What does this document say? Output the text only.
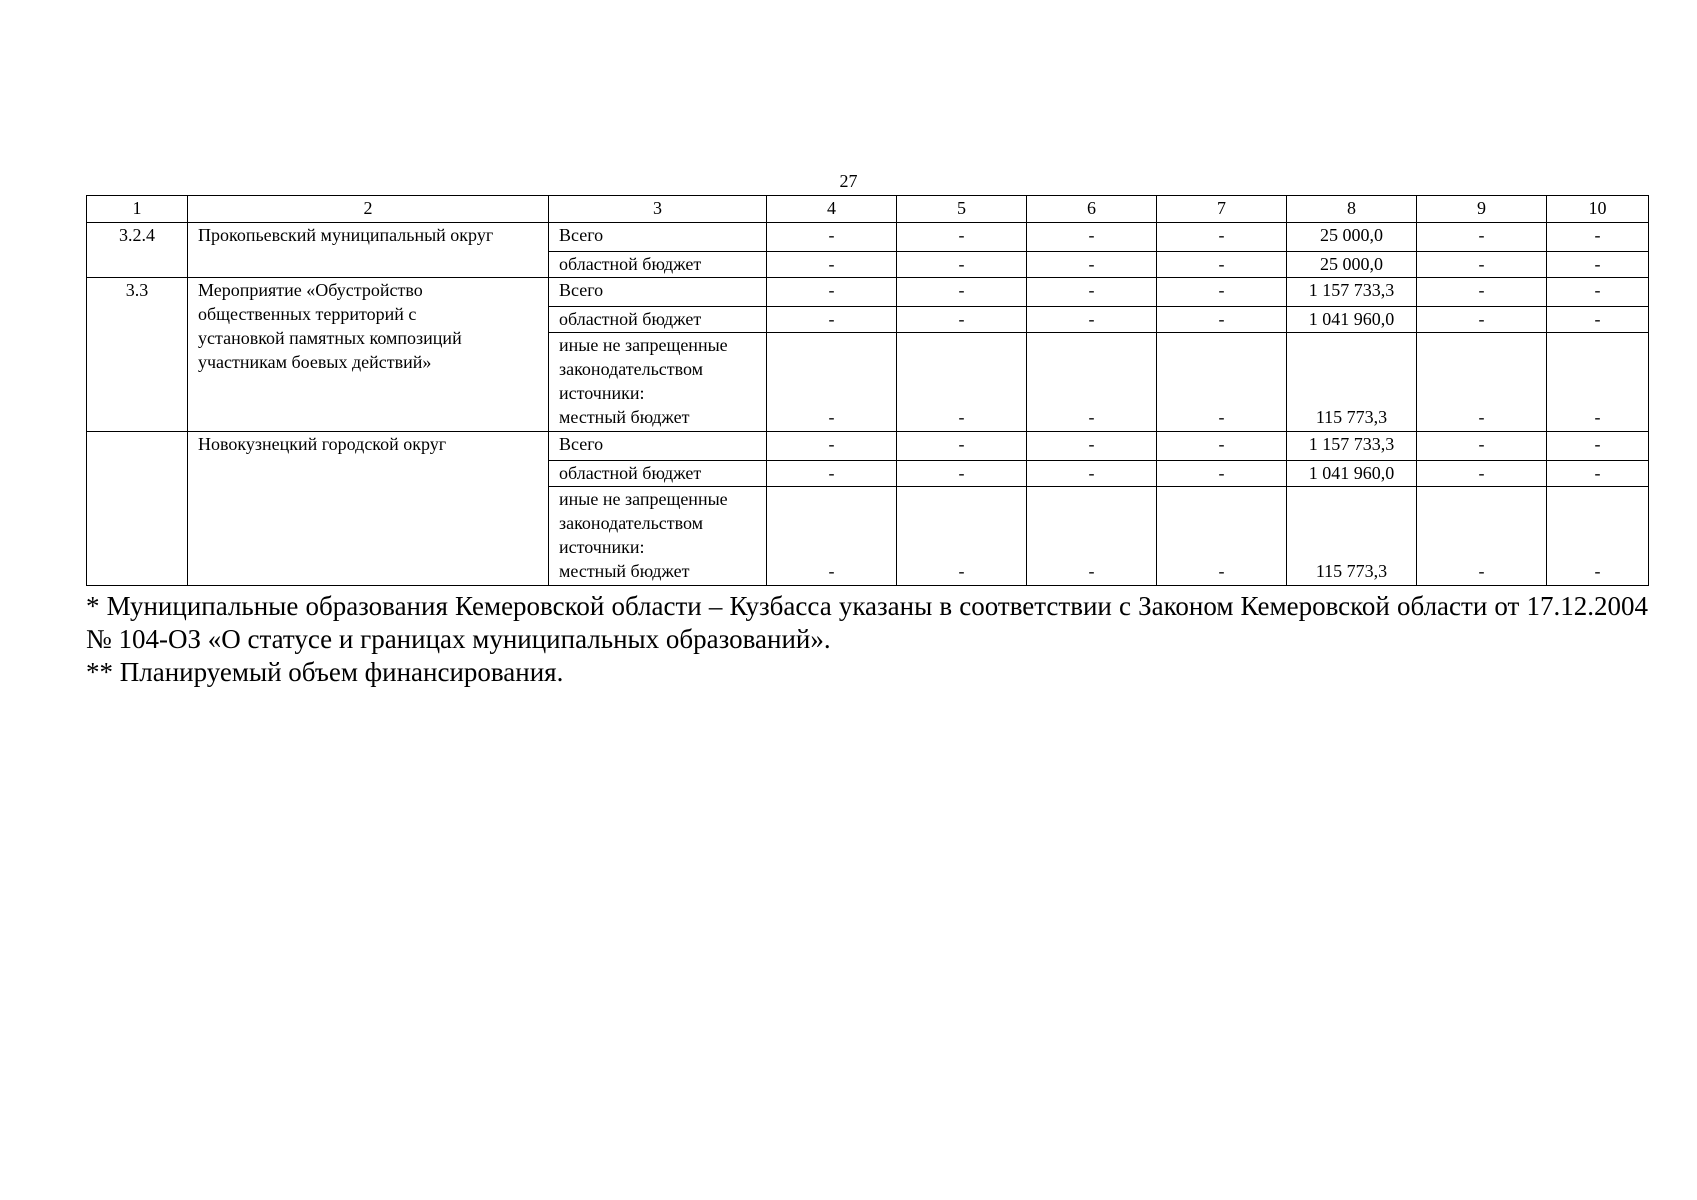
27
1	2	3	4	5	6	7	8	9	10
3.2.4	Прокопьевский муниципальный округ	Всего	-	-	-	-	25 000,0	-	-

		областной бюджет	-	-	-	-	25 000,0	-	-
3.3	Мероприятие «Обустройство
общественных территорий с
установкой памятных композиций
участникам боевых действий»	Всего	-	-	-	-	1 157 733,3	-	-

		областной бюджет	-	-	-	-	1 041 960,0	-	-

		иные не запрещенные
законодательством
источники:
местный бюджет	-	-	-	-	115 773,3	-	-

	Новокузнецкий городской округ	Всего	-	-	-	-	1 157 733,3	-	-

		областной бюджет	-	-	-	-	1 041 960,0	-	-

		иные не запрещенные
законодательством
источники:
местный бюджет	-	-	-	-	115 773,3	-	-

* Муниципальные образования Кемеровской области – Кузбасса указаны в соответствии с Законом Кемеровской области от 17.12.2004 № 104-ОЗ «О статусе и границах муниципальных образований».

** Планируемый объем финансирования.
